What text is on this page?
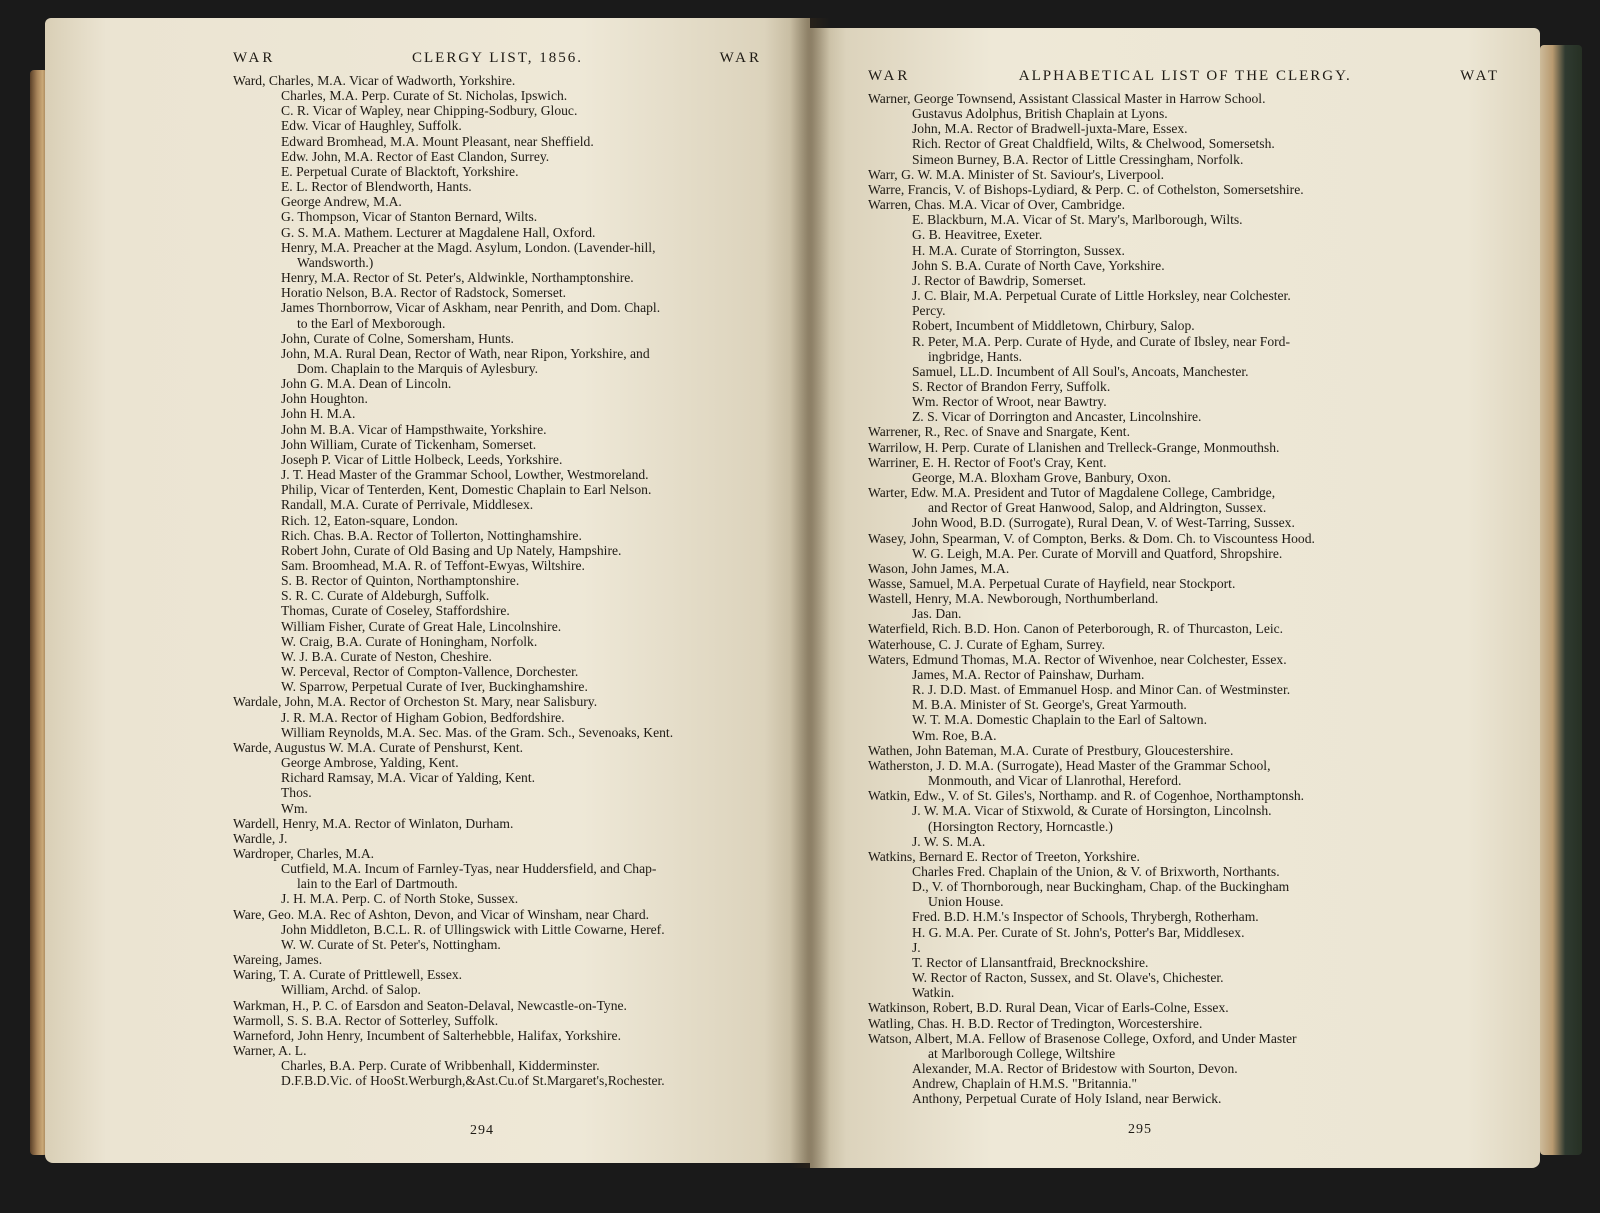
WAR	CLERGY LIST, 1856.	WAR
Ward, Charles, M.A. Vicar of Wadworth, Yorkshire.
Charles, M.A. Perp. Curate of St. Nicholas, Ipswich.
C. R. Vicar of Wapley, near Chipping-Sodbury, Glouc.
Edw. Vicar of Haughley, Suffolk.
Edward Bromhead, M.A. Mount Pleasant, near Sheffield.
Edw. John, M.A. Rector of East Clandon, Surrey.
E. Perpetual Curate of Blacktoft, Yorkshire.
E. L. Rector of Blendworth, Hants.
George Andrew, M.A.
G. Thompson, Vicar of Stanton Bernard, Wilts.
G. S. M.A. Mathem. Lecturer at Magdalene Hall, Oxford.
Henry, M.A. Preacher at the Magd. Asylum, London. (Lavender-hill,
Wandsworth.)
Henry, M.A. Rector of St. Peter's, Aldwinkle, Northamptonshire.
Horatio Nelson, B.A. Rector of Radstock, Somerset.
James Thornborrow, Vicar of Askham, near Penrith, and Dom. Chapl.
to the Earl of Mexborough.
John, Curate of Colne, Somersham, Hunts.
John, M.A. Rural Dean, Rector of Wath, near Ripon, Yorkshire, and
Dom. Chaplain to the Marquis of Aylesbury.
John G. M.A. Dean of Lincoln.
John Houghton.
John H. M.A.
John M. B.A. Vicar of Hampsthwaite, Yorkshire.
John William, Curate of Tickenham, Somerset.
Joseph P. Vicar of Little Holbeck, Leeds, Yorkshire.
J. T. Head Master of the Grammar School, Lowther, Westmoreland.
Philip, Vicar of Tenterden, Kent, Domestic Chaplain to Earl Nelson.
Randall, M.A. Curate of Perrivale, Middlesex.
Rich. 12, Eaton-square, London.
Rich. Chas. B.A. Rector of Tollerton, Nottinghamshire.
Robert John, Curate of Old Basing and Up Nately, Hampshire.
Sam. Broomhead, M.A. R. of Teffont-Ewyas, Wiltshire.
S. B. Rector of Quinton, Northamptonshire.
S. R. C. Curate of Aldeburgh, Suffolk.
Thomas, Curate of Coseley, Staffordshire.
William Fisher, Curate of Great Hale, Lincolnshire.
W. Craig, B.A. Curate of Honingham, Norfolk.
W. J. B.A. Curate of Neston, Cheshire.
W. Perceval, Rector of Compton-Vallence, Dorchester.
W. Sparrow, Perpetual Curate of Iver, Buckinghamshire.
Wardale, John, M.A. Rector of Orcheston St. Mary, near Salisbury.
J. R. M.A. Rector of Higham Gobion, Bedfordshire.
William Reynolds, M.A. Sec. Mas. of the Gram. Sch., Sevenoaks, Kent.
Warde, Augustus W. M.A. Curate of Penshurst, Kent.
George Ambrose, Yalding, Kent.
Richard Ramsay, M.A. Vicar of Yalding, Kent.
Thos.
Wm.
Wardell, Henry, M.A. Rector of Winlaton, Durham.
Wardle, J.
Wardroper, Charles, M.A.
Cutfield, M.A. Incum of Farnley-Tyas, near Huddersfield, and Chap-
lain to the Earl of Dartmouth.
J. H. M.A. Perp. C. of North Stoke, Sussex.
Ware, Geo. M.A. Rec of Ashton, Devon, and Vicar of Winsham, near Chard.
John Middleton, B.C.L. R. of Ullingswick with Little Cowarne, Heref.
W. W. Curate of St. Peter's, Nottingham.
Wareing, James.
Waring, T. A. Curate of Prittlewell, Essex.
William, Archd. of Salop.
Warkman, H., P. C. of Earsdon and Seaton-Delaval, Newcastle-on-Tyne.
Warmoll, S. S. B.A. Rector of Sotterley, Suffolk.
Warneford, John Henry, Incumbent of Salterhebble, Halifax, Yorkshire.
Warner, A. L.
Charles, B.A. Perp. Curate of Wribbenhall, Kidderminster.
D.F.B.D.Vic. of HooSt.Werburgh,&Ast.Cu.of St.Margaret's,Rochester.
294
WAR	ALPHABETICAL LIST OF THE CLERGY.	WAT
Warner, George Townsend, Assistant Classical Master in Harrow School.
Gustavus Adolphus, British Chaplain at Lyons.
John, M.A. Rector of Bradwell-juxta-Mare, Essex.
Rich. Rector of Great Chaldfield, Wilts, & Chelwood, Somersetsh.
Simeon Burney, B.A. Rector of Little Cressingham, Norfolk.
Warr, G. W. M.A. Minister of St. Saviour's, Liverpool.
Warre, Francis, V. of Bishops-Lydiard, & Perp. C. of Cothelston, Somersetshire.
Warren, Chas. M.A. Vicar of Over, Cambridge.
E. Blackburn, M.A. Vicar of St. Mary's, Marlborough, Wilts.
G. B. Heavitree, Exeter.
H. M.A. Curate of Storrington, Sussex.
John S. B.A. Curate of North Cave, Yorkshire.
J. Rector of Bawdrip, Somerset.
J. C. Blair, M.A. Perpetual Curate of Little Horksley, near Colchester.
Percy.
Robert, Incumbent of Middletown, Chirbury, Salop.
R. Peter, M.A. Perp. Curate of Hyde, and Curate of Ibsley, near Ford-
ingbridge, Hants.
Samuel, LL.D. Incumbent of All Soul's, Ancoats, Manchester.
S. Rector of Brandon Ferry, Suffolk.
Wm. Rector of Wroot, near Bawtry.
Z. S. Vicar of Dorrington and Ancaster, Lincolnshire.
Warrener, R., Rec. of Snave and Snargate, Kent.
Warrilow, H. Perp. Curate of Llanishen and Trelleck-Grange, Monmouthsh.
Warriner, E. H. Rector of Foot's Cray, Kent.
George, M.A. Bloxham Grove, Banbury, Oxon.
Warter, Edw. M.A. President and Tutor of Magdalene College, Cambridge,
and Rector of Great Hanwood, Salop, and Aldrington, Sussex.
John Wood, B.D. (Surrogate), Rural Dean, V. of West-Tarring, Sussex.
Wasey, John, Spearman, V. of Compton, Berks. & Dom. Ch. to Viscountess Hood.
W. G. Leigh, M.A. Per. Curate of Morvill and Quatford, Shropshire.
Wason, John James, M.A.
Wasse, Samuel, M.A. Perpetual Curate of Hayfield, near Stockport.
Wastell, Henry, M.A. Newborough, Northumberland.
Jas. Dan.
Waterfield, Rich. B.D. Hon. Canon of Peterborough, R. of Thurcaston, Leic.
Waterhouse, C. J. Curate of Egham, Surrey.
Waters, Edmund Thomas, M.A. Rector of Wivenhoe, near Colchester, Essex.
James, M.A. Rector of Painshaw, Durham.
R. J. D.D. Mast. of Emmanuel Hosp. and Minor Can. of Westminster.
M. B.A. Minister of St. George's, Great Yarmouth.
W. T. M.A. Domestic Chaplain to the Earl of Saltown.
Wm. Roe, B.A.
Wathen, John Bateman, M.A. Curate of Prestbury, Gloucestershire.
Watherston, J. D. M.A. (Surrogate), Head Master of the Grammar School,
Monmouth, and Vicar of Llanrothal, Hereford.
Watkin, Edw., V. of St. Giles's, Northamp. and R. of Cogenhoe, Northamptonsh.
J. W. M.A. Vicar of Stixwold, & Curate of Horsington, Lincolnsh.
(Horsington Rectory, Horncastle.)
J. W. S. M.A.
Watkins, Bernard E. Rector of Treeton, Yorkshire.
Charles Fred. Chaplain of the Union, & V. of Brixworth, Northants.
D., V. of Thornborough, near Buckingham, Chap. of the Buckingham
Union House.
Fred. B.D. H.M.'s Inspector of Schools, Thrybergh, Rotherham.
H. G. M.A. Per. Curate of St. John's, Potter's Bar, Middlesex.
J.
T. Rector of Llansantfraid, Brecknockshire.
W. Rector of Racton, Sussex, and St. Olave's, Chichester.
Watkin.
Watkinson, Robert, B.D. Rural Dean, Vicar of Earls-Colne, Essex.
Watling, Chas. H. B.D. Rector of Tredington, Worcestershire.
Watson, Albert, M.A. Fellow of Brasenose College, Oxford, and Under Master
at Marlborough College, Wiltshire
Alexander, M.A. Rector of Bridestow with Sourton, Devon.
Andrew, Chaplain of H.M.S. "Britannia."
Anthony, Perpetual Curate of Holy Island, near Berwick.
295
